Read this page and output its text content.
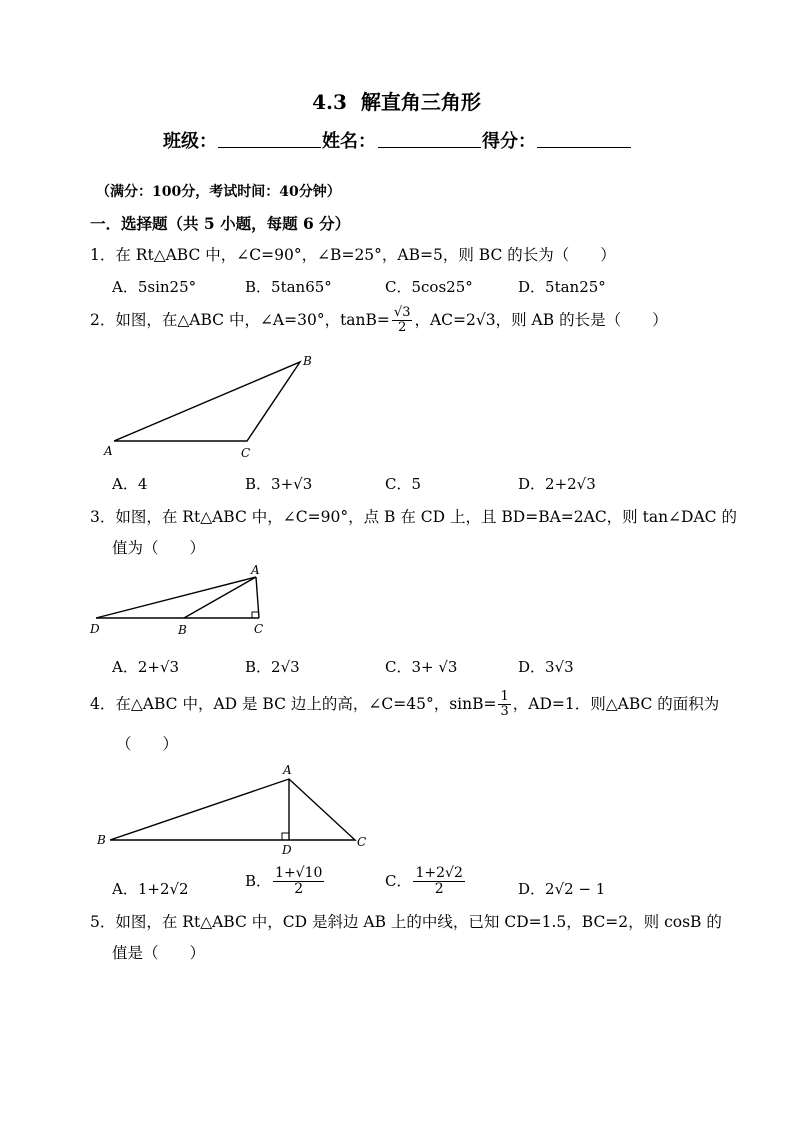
4.3  解直角三角形
班级：	姓名：	得分：
（满分：100分，考试时间：40分钟）
一．选择题（共 5 小题，每题 6 分）
1．在 Rt△ABC 中，∠C=90°，∠B=25°，AB=5，则 BC 的长为（　　）
A．5sin25°	B．5tan65°	C．5cos25°	D．5tan25°
2．如图，在△ABC 中，∠A=30°，$\tan B= \frac{√3}{2}$ ，AC=2√3，则 AB 的长是（　　）
A
B
C
A．4	B．3+√3	C．5	D．2+2√3
3．如图，在 Rt△ABC 中，∠C=90°，点 B 在 CD 上，且 BD=BA=2AC，则 tan∠DAC 的
值为（　　）
D	B	C
A
A．2+√3	B．2√3	C．3+ √3	D．3√3
4．在△ABC 中，AD 是 BC 边上的高，∠C=45°，$\sin B= \frac{1}{3}$ ，AD=1．则△ABC 的面积为
（　　）
B
A
D
C
A．1+2√2	B． $\frac{1+√10}{2}$	C． $\frac{1+2√2}{2}$	D．2√2 − 1
5．如图，在 Rt△ABC 中，CD 是斜边 AB 上的中线，已知 CD=1.5，BC=2，则 cosB 的
值是（　　）
